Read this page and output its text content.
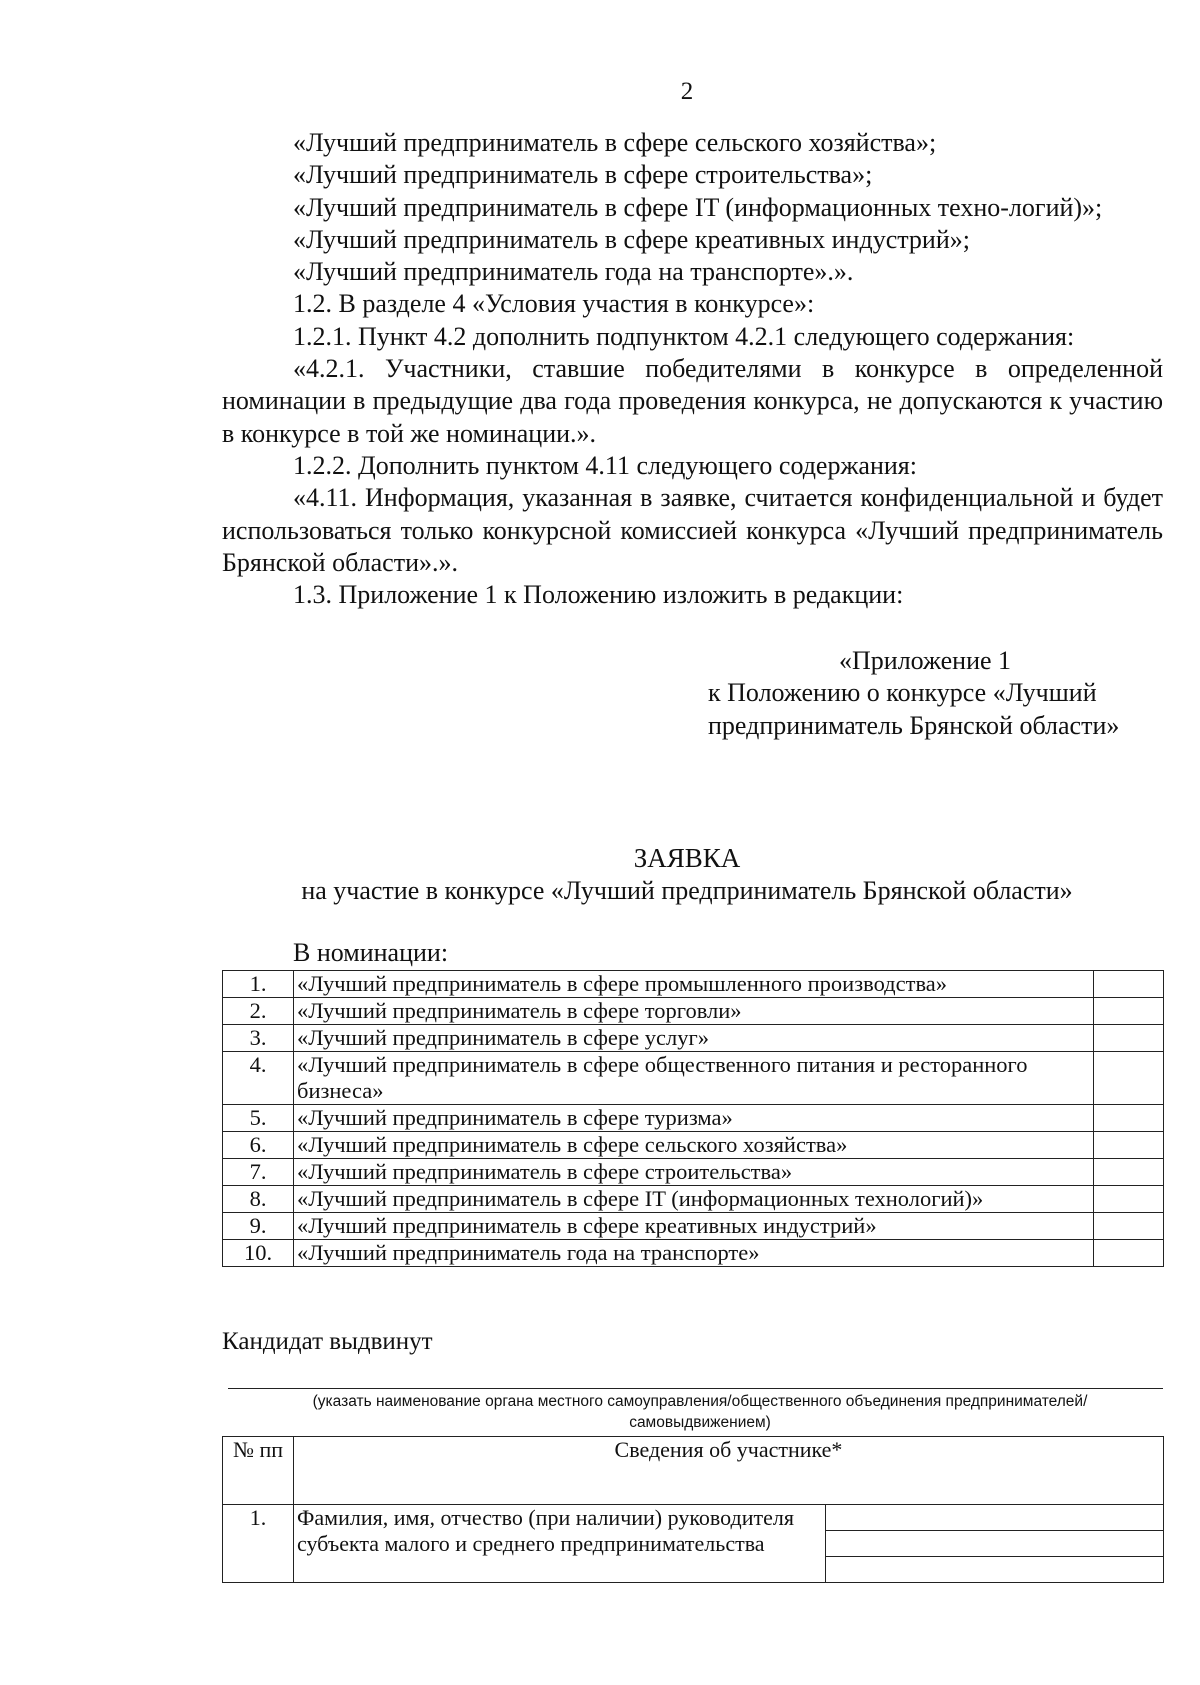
2

«Лучший предприниматель в сфере сельского хозяйства»;

«Лучший предприниматель в сфере строительства»;

«Лучший предприниматель в сфере IT (информационных техно-логий)»;

«Лучший предприниматель в сфере креативных индустрий»;

«Лучший предприниматель года на транспорте».».

1.2. В разделе 4 «Условия участия в конкурсе»:

1.2.1. Пункт 4.2 дополнить подпунктом 4.2.1 следующего содержания:

«4.2.1. Участники, ставшие победителями в конкурсе в определенной номинации в предыдущие два года проведения конкурса, не допускаются к участию в конкурсе в той же номинации.».

1.2.2. Дополнить пунктом 4.11 следующего содержания:

«4.11. Информация, указанная в заявке, считается конфиденциальной и будет использоваться только конкурсной комиссией конкурса «Лучший предприниматель Брянской области».».

1.3. Приложение 1 к Положению изложить в редакции:

«Приложение 1
к Положению о конкурсе «Лучший
предприниматель Брянской области»
ЗАЯВКА
на участие в конкурсе «Лучший предприниматель Брянской области»
В номинации:
1.	«Лучший предприниматель в сфере промышленного производства»	
2.	«Лучший предприниматель в сфере торговли»	
3.	«Лучший предприниматель в сфере услуг»	
4.	«Лучший предприниматель в сфере общественного питания и ресторанного бизнеса»	
5.	«Лучший предприниматель в сфере туризма»	
6.	«Лучший предприниматель в сфере сельского хозяйства»	
7.	«Лучший предприниматель в сфере строительства»	
8.	«Лучший предприниматель в сфере IT (информационных технологий)»	
9.	«Лучший предприниматель в сфере креативных индустрий»	
10.	«Лучший предприниматель года на транспорте»	
Кандидат выдвинут
(указать наименование органа местного самоуправления/общественного объединения предпринимателей/самовыдвижением)
№ пп	Сведения об участнике*	
1.	Фамилия, имя, отчество (при наличии) руководителя субъекта малого и среднего предпринимательства	
